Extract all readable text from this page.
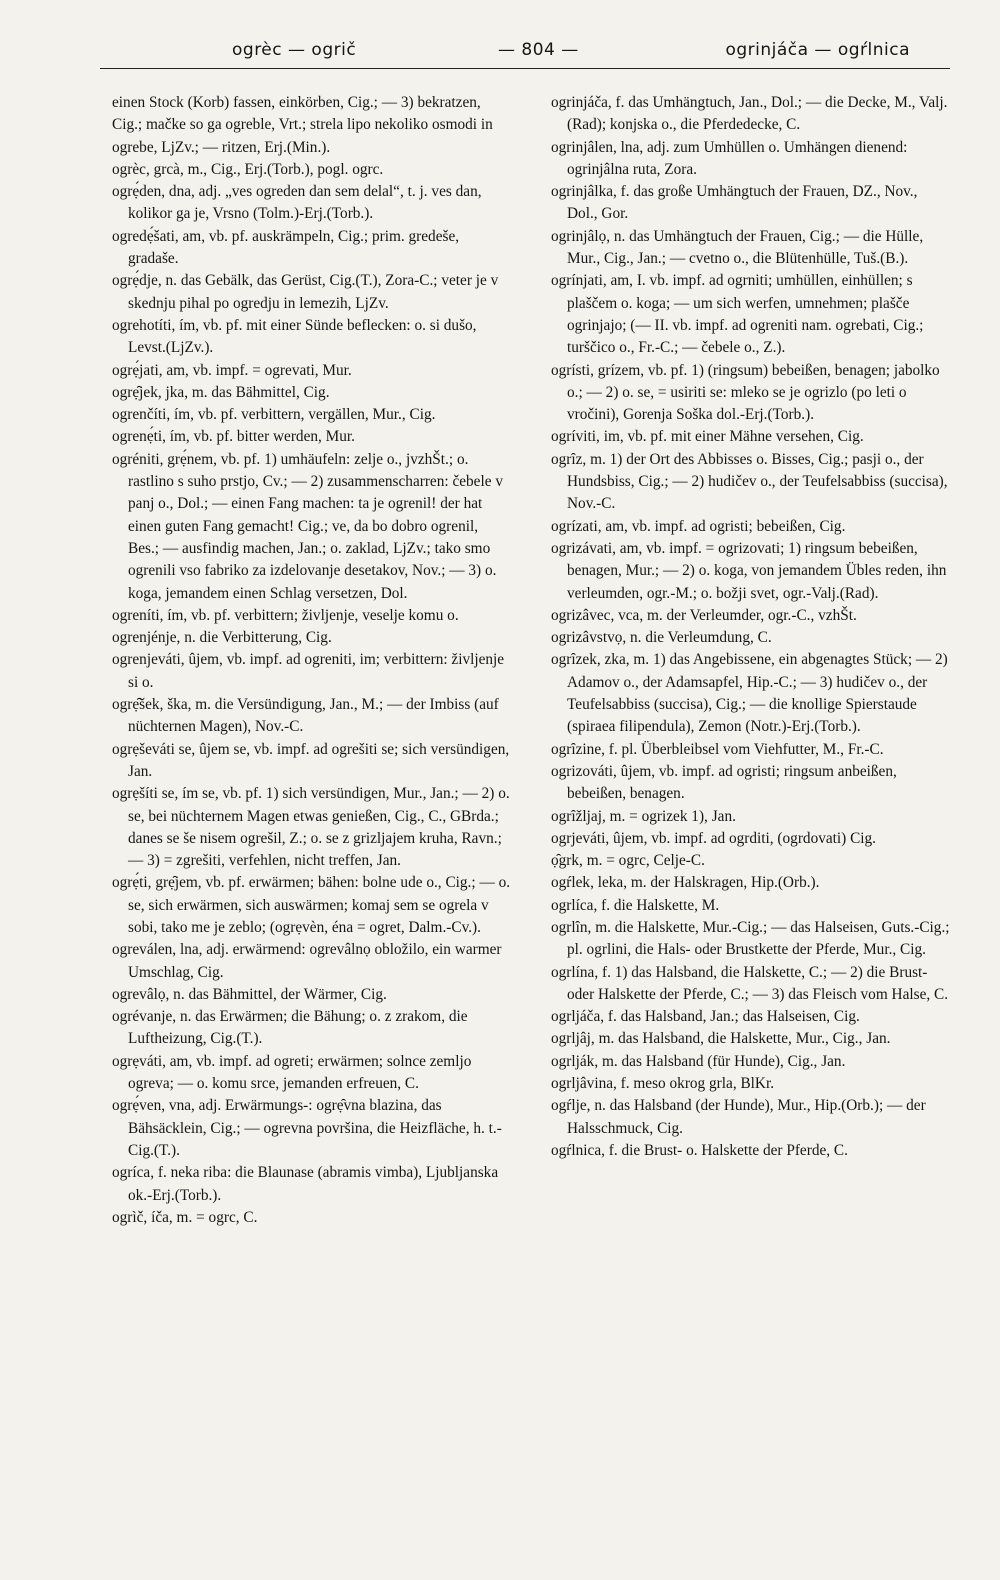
ogrèc — ogrič	— 804 —	ogrinjáča — ogŕlnica

einen Stock (Korb) fassen, einkörben, Cig.; — 3) bekratzen, Cig.; mačke so ga ogreble, Vrt.; strela lipo nekoliko osmodi in ogrebe, LjZv.; — ritzen, Erj.(Min.).

ogrèc, grcà, m., Cig., Erj.(Torb.), pogl. ogrc.

ogrẹ́den, dna, adj. „ves ogreden dan sem delal“, t. j. ves dan, kolikor ga je, Vrsno (Tolm.)-Erj.(Torb.).

ogredẹ́šati, am, vb. pf. auskrämpeln, Cig.; prim. gredeše, gradaše.

ogrẹ́dje, n. das Gebälk, das Gerüst, Cig.(T.), Zora-C.; veter je v skednju pihal po ogredju in lemezih, LjZv.

ogrehotíti, ím, vb. pf. mit einer Sünde beflecken: o. si dušo, Levst.(LjZv.).

ogrẹ́jati, am, vb. impf. = ogrevati, Mur.

ogrẹ̑jek, jka, m. das Bähmittel, Cig.

ogrenčíti, ím, vb. pf. verbittern, vergällen, Mur., Cig.

ogrenẹ́ti, ím, vb. pf. bitter werden, Mur.

ogréniti, grẹ́nem, vb. pf. 1) umhäufeln: zelje o., jvzhŠt.; o. rastlino s suho prstjo, Cv.; — 2) zusammenscharren: čebele v panj o., Dol.; — einen Fang machen: ta je ogrenil! der hat einen guten Fang gemacht! Cig.; ve, da bo dobro ogrenil, Bes.; — ausfindig machen, Jan.; o. zaklad, LjZv.; tako smo ogrenili vso fabriko za izdelovanje desetakov, Nov.; — 3) o. koga, jemandem einen Schlag versetzen, Dol.

ogreníti, ím, vb. pf. verbittern; življenje, veselje komu o.

ogrenjénje, n. die Verbitterung, Cig.

ogrenjeváti, ûjem, vb. impf. ad ogreniti, im; verbittern: življenje si o.

ogrẹ̑šek, ška, m. die Versündigung, Jan., M.; — der Imbiss (auf nüchternen Magen), Nov.-C.

ogrẹševáti se, ûjem se, vb. impf. ad ogrešiti se; sich versündigen, Jan.

ogrẹšíti se, ím se, vb. pf. 1) sich versündigen, Mur., Jan.; — 2) o. se, bei nüchternem Magen etwas genießen, Cig., C., GBrda.; danes se še nisem ogrešil, Z.; o. se z grizljajem kruha, Ravn.; — 3) = zgrešiti, verfehlen, nicht treffen, Jan.

ogrẹ́ti, grẹ̑jem, vb. pf. erwärmen; bähen: bolne ude o., Cig.; — o. se, sich erwärmen, sich auswärmen; komaj sem se ogrela v sobi, tako me je zeblo; (ogrẹvèn, éna = ogret, Dalm.-Cv.).

ogreválen, lna, adj. erwärmend: ogrevâlnọ obložilo, ein warmer Umschlag, Cig.

ogrevâlọ, n. das Bähmittel, der Wärmer, Cig.

ogrévanje, n. das Erwärmen; die Bähung; o. z zrakom, die Luftheizung, Cig.(T.).

ogrẹváti, am, vb. impf. ad ogreti; erwärmen; solnce zemljo ogreva; — o. komu srce, jemanden erfreuen, C.

ogrẹ́ven, vna, adj. Erwärmungs-: ogrẹ̑vna blazina, das Bähsäcklein, Cig.; — ogrevna površina, die Heizfläche, h. t.-Cig.(T.).

ogríca, f. neka riba: die Blaunase (abramis vimba), Ljubljanska ok.-Erj.(Torb.).

ogrìč, íča, m. = ogrc, C.

ogrinjáča, f. das Umhängtuch, Jan., Dol.; — die Decke, M., Valj.(Rad); konjska o., die Pferdedecke, C.

ogrinjâlen, lna, adj. zum Umhüllen o. Umhängen dienend: ogrinjâlna ruta, Zora.

ogrinjâlka, f. das große Umhängtuch der Frauen, DZ., Nov., Dol., Gor.

ogrinjâlọ, n. das Umhängtuch der Frauen, Cig.; — die Hülle, Mur., Cig., Jan.; — cvetno o., die Blütenhülle, Tuš.(B.).

ogrínjati, am, I. vb. impf. ad ogrniti; umhüllen, einhüllen; s plaščem o. koga; — um sich werfen, umnehmen; plašče ogrinjajo; (— II. vb. impf. ad ogreniti nam. ogrebati, Cig.; turščico o., Fr.-C.; — čebele o., Z.).

ogrísti, grízem, vb. pf. 1) (ringsum) bebeißen, benagen; jabolko o.; — 2) o. se, = usiriti se: mleko se je ogrizlo (po leti o vročini), Gorenja Soška dol.-Erj.(Torb.).

ogríviti, im, vb. pf. mit einer Mähne versehen, Cig.

ogrȋz, m. 1) der Ort des Abbisses o. Bisses, Cig.; pasji o., der Hundsbiss, Cig.; — 2) hudičev o., der Teufelsabbiss (succisa), Nov.-C.

ogrízati, am, vb. impf. ad ogristi; bebeißen, Cig.

ogrizávati, am, vb. impf. = ogrizovati; 1) ringsum bebeißen, benagen, Mur.; — 2) o. koga, von jemandem Übles reden, ihn verleumden, ogr.-M.; o. božji svet, ogr.-Valj.(Rad).

ogrizâvec, vca, m. der Verleumder, ogr.-C., vzhŠt.

ogrizâvstvọ, n. die Verleumdung, C.

ogrȋzek, zka, m. 1) das Angebissene, ein abgenagtes Stück; — 2) Adamov o., der Adamsapfel, Hip.-C.; — 3) hudičev o., der Teufelsabbiss (succisa), Cig.; — die knollige Spierstaude (spiraea filipendula), Zemon (Notr.)-Erj.(Torb.).

ogrȋzine, f. pl. Überbleibsel vom Viehfutter, M., Fr.-C.

ogrizováti, ûjem, vb. impf. ad ogristi; ringsum anbeißen, bebeißen, benagen.

ogrȋžljaj, m. = ogrizek 1), Jan.

ogrjeváti, ûjem, vb. impf. ad ogrditi, (ogrdovati) Cig.

ọ̑grk, m. = ogrc, Celje-C.

ogŕlek, leka, m. der Halskragen, Hip.(Orb.).

ogrlíca, f. die Halskette, M.

ogrlȋn, m. die Halskette, Mur.-Cig.; — das Halseisen, Guts.-Cig.; pl. ogrlini, die Hals- oder Brustkette der Pferde, Mur., Cig.

ogrlína, f. 1) das Halsband, die Halskette, C.; — 2) die Brust- oder Halskette der Pferde, C.; — 3) das Fleisch vom Halse, C.

ogrljáča, f. das Halsband, Jan.; das Halseisen, Cig.

ogrljâj, m. das Halsband, die Halskette, Mur., Cig., Jan.

ogrlják, m. das Halsband (für Hunde), Cig., Jan.

ogrljâvina, f. meso okrog grla, BlKr.

ogŕlje, n. das Halsband (der Hunde), Mur., Hip.(Orb.); — der Halsschmuck, Cig.

ogŕlnica, f. die Brust- o. Halskette der Pferde, C.
